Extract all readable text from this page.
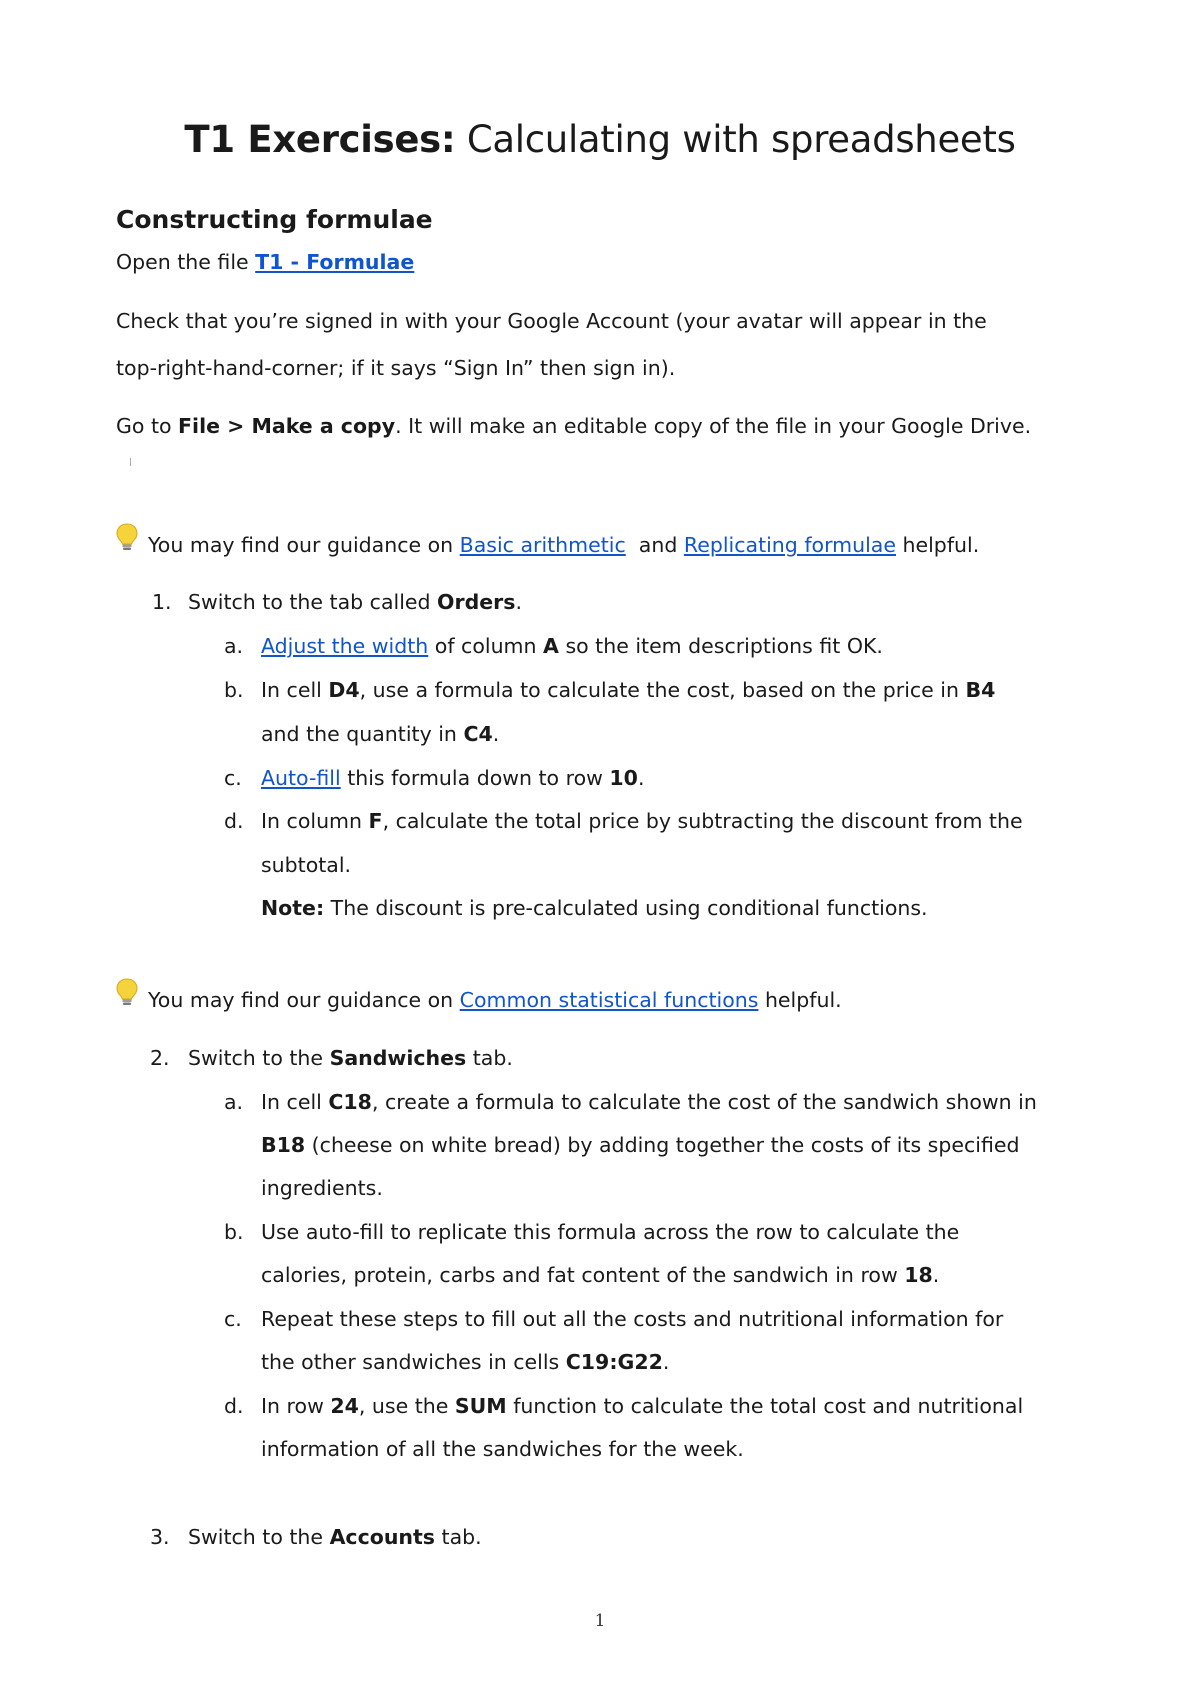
T1 Exercises: Calculating with spreadsheets
Constructing formulae
Open the file T1 - Formulae
Check that you’re signed in with your Google Account (your avatar will appear in the
top-right-hand-corner; if it says “Sign In” then sign in).
Go to File > Make a copy. It will make an editable copy of the file in your Google Drive.
You may find our guidance on Basic arithmetic  and Replicating formulae helpful.
1. Switch to the tab called Orders.
a. Adjust the width of column A so the item descriptions fit OK.
b. In cell D4, use a formula to calculate the cost, based on the price in B4
and the quantity in C4.
c. Auto-fill this formula down to row 10.
d. In column F, calculate the total price by subtracting the discount from the
subtotal.
Note: The discount is pre-calculated using conditional functions.
You may find our guidance on Common statistical functions helpful.
2. Switch to the Sandwiches tab.
a. In cell C18, create a formula to calculate the cost of the sandwich shown in
B18 (cheese on white bread) by adding together the costs of its specified
ingredients.
b. Use auto-fill to replicate this formula across the row to calculate the
calories, protein, carbs and fat content of the sandwich in row 18.
c. Repeat these steps to fill out all the costs and nutritional information for
the other sandwiches in cells C19:G22.
d. In row 24, use the SUM function to calculate the total cost and nutritional
information of all the sandwiches for the week.
3. Switch to the Accounts tab.
1
